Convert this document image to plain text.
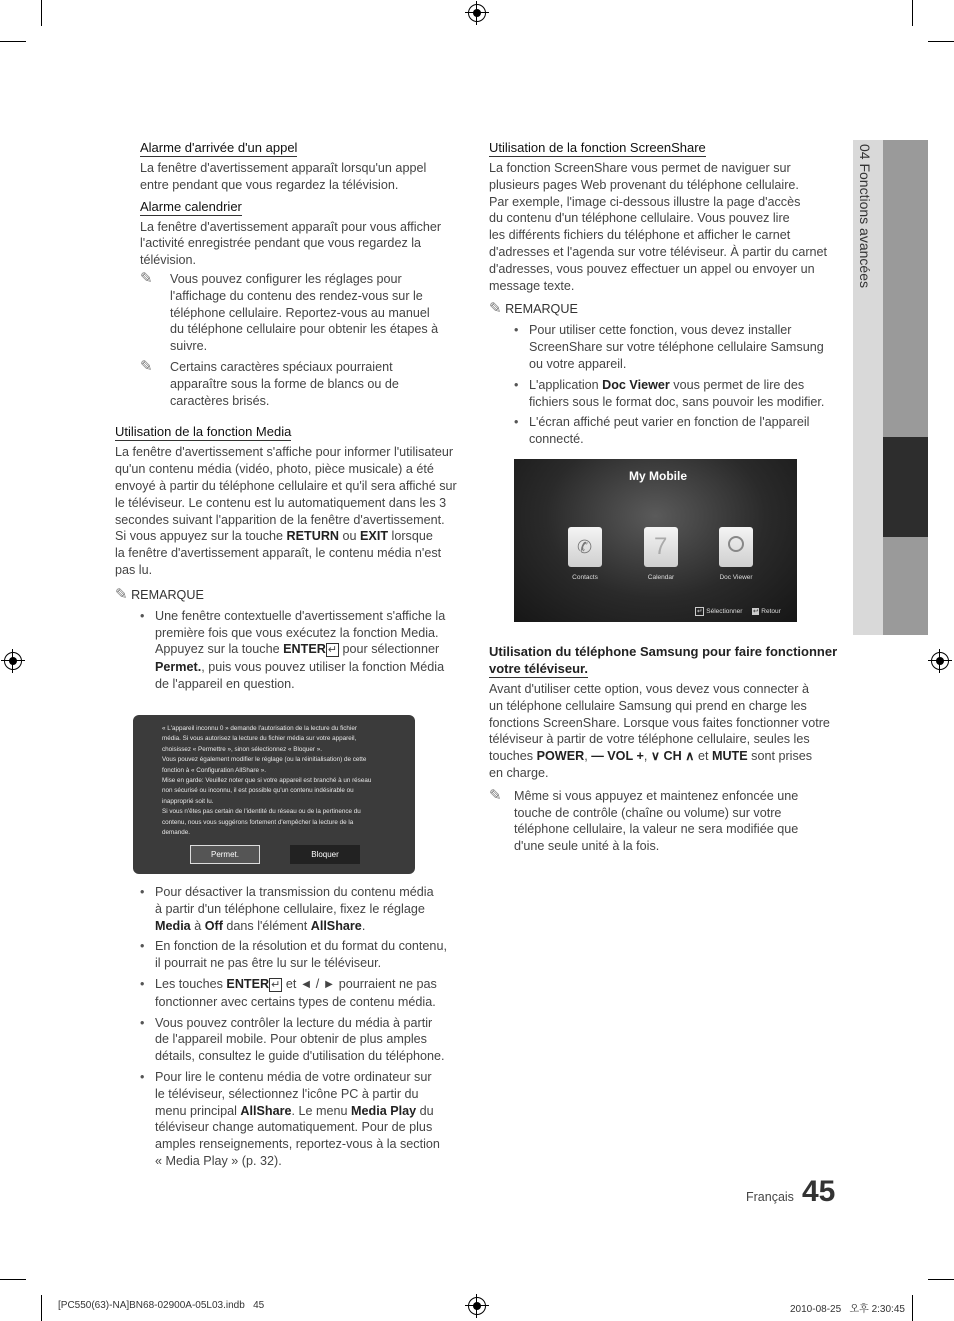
04 Fonctions avancées
Alarme d'arrivée d'un appel
La fenêtre d'avertissement apparaît lorsqu'un appel
entre pendant que vous regardez la télévision.
Alarme calendrier
La fenêtre d'avertissement apparaît pour vous afficher
l'activité enregistrée pendant que vous regardez la
télévision.
✎ Vous pouvez configurer les réglages pour
l'affichage du contenu des rendez-vous sur le
téléphone cellulaire. Reportez-vous au manuel
du téléphone cellulaire pour obtenir les étapes à
suivre.
✎ Certains caractères spéciaux pourraient
apparaître sous la forme de blancs ou de
caractères brisés.
Utilisation de la fonction Media
La fenêtre d'avertissement s'affiche pour informer l'utilisateur
qu'un contenu média (vidéo, photo, pièce musicale) a été
envoyé à partir du téléphone cellulaire et qu'il sera affiché sur
le téléviseur. Le contenu est lu automatiquement dans les 3
secondes suivant l'apparition de la fenêtre d'avertissement.
Si vous appuyez sur la touche RETURN ou EXIT lorsque
la fenêtre d'avertissement apparaît, le contenu média n'est
pas lu.
✎ REMARQUE
• Une fenêtre contextuelle d'avertissement s'affiche la
première fois que vous exécutez la fonction Media.
Appuyez sur la touche ENTER ↵ pour sélectionner
Permet., puis vous pouvez utiliser la fonction Média
de l'appareil en question.
« L'appareil inconnu 0 » demande l'autorisation de la lecture du fichier
média. Si vous autorisez la lecture du fichier média sur votre appareil,
choisissez « Permettre », sinon sélectionnez « Bloquer ».
Vous pouvez également modifier le réglage (ou la réinitialisation) de cette
fonction à « Configuration AllShare ».
Mise en garde: Veuillez noter que si votre appareil est branché à un réseau
non sécurisé ou inconnu, il est possible qu'un contenu indésirable ou
inapproprié soit lu.
Si vous n'êtes pas certain de l'identité du réseau ou de la pertinence du
contenu, nous vous suggérons fortement d'empêcher la lecture de la
demande.
Permet.	Bloquer
• Pour désactiver la transmission du contenu média
à partir d'un téléphone cellulaire, fixez le réglage
Media à Off dans l'élément AllShare.
• En fonction de la résolution et du format du contenu,
il pourrait ne pas être lu sur le téléviseur.
• Les touches ENTER ↵ et ◄ / ► pourraient ne pas
fonctionner avec certains types de contenu média.
• Vous pouvez contrôler la lecture du média à partir
de l'appareil mobile. Pour obtenir de plus amples
détails, consultez le guide d'utilisation du téléphone.
• Pour lire le contenu média de votre ordinateur sur
le téléviseur, sélectionnez l'icône PC à partir du
menu principal AllShare. Le menu Media Play du
téléviseur change automatiquement. Pour de plus
amples renseignements, reportez-vous à la section
« Media Play » (p. 32).
Utilisation de la fonction ScreenShare
La fonction ScreenShare vous permet de naviguer sur
plusieurs pages Web provenant du téléphone cellulaire.
Par exemple, l'image ci-dessous illustre la page d'accès
du contenu d'un téléphone cellulaire. Vous pouvez lire
les différents fichiers du téléphone et afficher le carnet
d'adresses et l'agenda sur votre téléviseur. À partir du carnet
d'adresses, vous pouvez effectuer un appel ou envoyer un
message texte.
✎ REMARQUE
• Pour utiliser cette fonction, vous devez installer
ScreenShare sur votre téléphone cellulaire Samsung
ou votre appareil.
• L'application Doc Viewer vous permet de lire des
fichiers sous le format doc, sans pouvoir les modifier.
• L'écran affiché peut varier en fonction de l'appareil
connecté.
My Mobile
✆	7
Contacts	Calendar	Doc Viewer
↵ Sélectionner ↩ Retour
Utilisation du téléphone Samsung pour faire fonctionner
votre téléviseur.
Avant d'utiliser cette option, vous devez vous connecter à
un téléphone cellulaire Samsung qui prend en charge les
fonctions ScreenShare. Lorsque vous faites fonctionner votre
téléviseur à partir de votre téléphone cellulaire, seules les
touches POWER, — VOL +, ∨ CH ∧ et MUTE sont prises
en charge.
✎ Même si vous appuyez et maintenez enfoncée une
touche de contrôle (chaîne ou volume) sur votre
téléphone cellulaire, la valeur ne sera modifiée que
d'une seule unité à la fois.
Français 45
[PC550(63)-NA]BN68-02900A-05L03.indb   45	2010-08-25   오후 2:30:45
